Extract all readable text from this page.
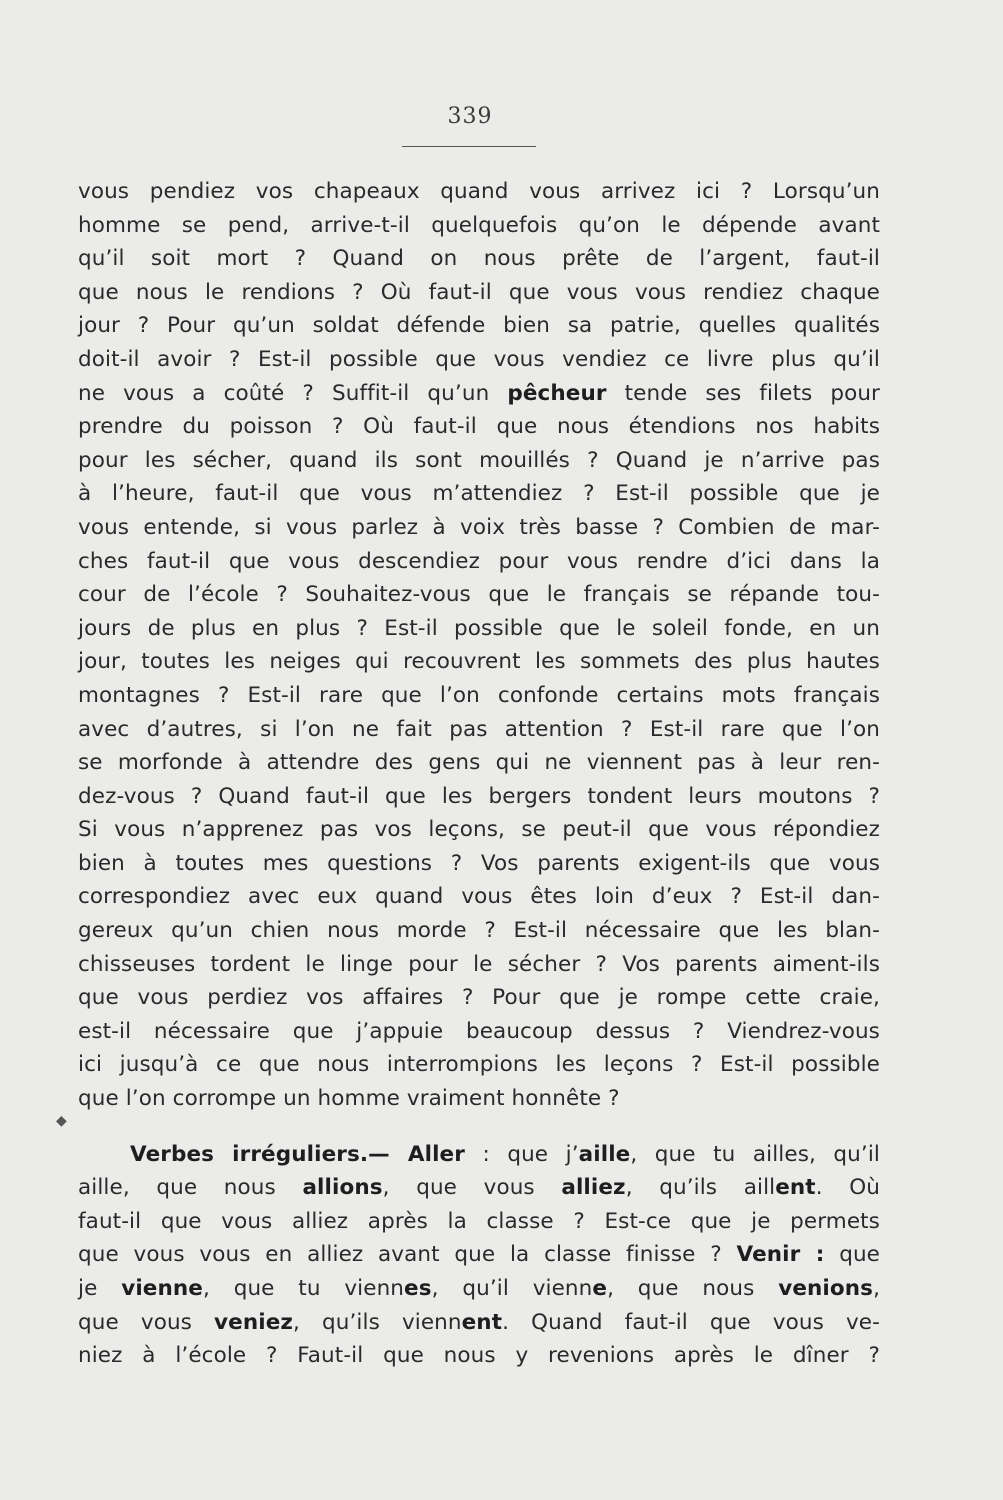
339
◆
vous pendiez vos chapeaux quand vous arrivez ici ? Lorsqu’un
homme se pend, arrive-t-il quelquefois qu’on le dépende avant
qu’il soit mort ? Quand on nous prête de l’argent, faut-il
que nous le rendions ? Où faut-il que vous vous rendiez chaque
jour ? Pour qu’un soldat défende bien sa patrie, quelles qualités
doit-il avoir ? Est-il possible que vous vendiez ce livre plus qu’il
ne vous a coûté ? Suffit-il qu’un pêcheur tende ses filets pour
prendre du poisson ? Où faut-il que nous étendions nos habits
pour les sécher, quand ils sont mouillés ? Quand je n’arrive pas
à l’heure, faut-il que vous m’attendiez ? Est-il possible que je
vous entende, si vous parlez à voix très basse ? Combien de mar-
ches faut-il que vous descendiez pour vous rendre d’ici dans la
cour de l’école ? Souhaitez-vous que le français se répande tou-
jours de plus en plus ? Est-il possible que le soleil fonde, en un
jour, toutes les neiges qui recouvrent les sommets des plus hautes
montagnes ? Est-il rare que l’on confonde certains mots français
avec d’autres, si l’on ne fait pas attention ? Est-il rare que l’on
se morfonde à attendre des gens qui ne viennent pas à leur ren-
dez-vous ? Quand faut-il que les bergers tondent leurs moutons ?
Si vous n’apprenez pas vos leçons, se peut-il que vous répondiez
bien à toutes mes questions ? Vos parents exigent-ils que vous
correspondiez avec eux quand vous êtes loin d’eux ? Est-il dan-
gereux qu’un chien nous morde ? Est-il nécessaire que les blan-
chisseuses tordent le linge pour le sécher ? Vos parents aiment-ils
que vous perdiez vos affaires ? Pour que je rompe cette craie,
est-il nécessaire que j’appuie beaucoup dessus ? Viendrez-vous
ici jusqu’à ce que nous interrompions les leçons ? Est-il possible
que l’on corrompe un homme vraiment honnête ?
Verbes irréguliers.— Aller : que j’aille, que tu ailles, qu’il
aille, que nous allions, que vous alliez, qu’ils aillent. Où
faut-il que vous alliez après la classe ? Est-ce que je permets
que vous vous en alliez avant que la classe finisse ? Venir : que
je vienne, que tu viennes, qu’il vienne, que nous venions,
que vous veniez, qu’ils viennent. Quand faut-il que vous ve-
niez à l’école ? Faut-il que nous y revenions après le dîner ?
